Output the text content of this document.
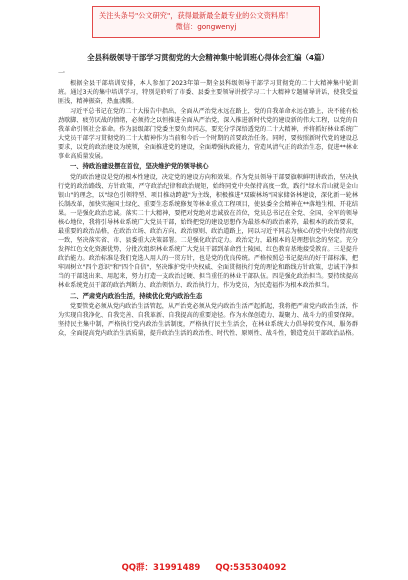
关注头条号"公文研究"，获得最新最全最专业的公文资料库！
微信：gongwenyj
全县科级领导干部学习贯彻党的大会精神集中轮训班心得体会汇编（4篇）
一

根据全县干部培训安排，本人参加了2023年第一期全县科级领导干部学习贯彻党的二十大精神集中轮训班。通过3天的集中培训学习，特别是聆听了市委、县委主要领导讲授学习二十大精神专题辅导讲话，使我受益匪浅，精神振奋，热血沸腾。

习近平总书记在党的二十大报告中指出，全面从严治党永远在路上，党的自我革命永远在路上，决不能有松劲歇脚、疲劳厌战的情绪，必须持之以恒推进全面从严治党，深入推进新时代党的建设新的伟大工程，以党的自我革命引领社会革命。作为县级部门党委主要负责同志，要充分学深悟透党的二十大精神，并将抓好林业系统广大党员干部学习贯彻党的二十大精神作为当前和今后一个时期的首要政治任务。同时，要按照新时代党的建设总要求，以党的政治建设为统领，全面推进党的建设，全面增强执政能力，营造风清气正的政治生态，促进**林业事业高质量发展。

一、持政治建设摆在首位，坚决维护党的领导核心

党的政治建设是党的根本性建设，决定党的建设方向和效果。作为党员领导干部要旗帜鲜明讲政治，坚决执行党的政治路线、方针政策，严守政治纪律和政治规矩，始终同党中央保持高度一致，践行"绿水青山就是金山银山"的理念，以"绿色引领特型、项目推动跨越"为主线，积极推进"双碳林场"国家储备林建设，深化新一轮林长制改革，加快实施国土绿化、重要生态系统修复等林业重点工程项目，使县委全会精神在**落地生根、开花结果。一是强化政治忠诚。落实二十大精神，要把对党绝对忠诚放在首位，党员总书记在全党、全国、全军的领导核心地位，我将引导林业系统广大党员干部，始终把党的建设思想作为最基本的政治素养，最根本的政治要求，最重要的政治品格，在政治立场、政治方向、政治原则、政治道路上，同以习近平同志为核心的党中央保持高度一致，坚决落实省、市、县委重大决策部署。二是强化政治定力。政治定力，最根本的是理想信念的坚定。充分发挥红色文化资源优势，分批次组织林业系统广大党员干部到革命烈士陵园、红色教育基地接受教育。三是提升政治能力。政治标准是我们党选人用人的一贯方针，也是党的优良传统。严格按照总书记提出的好干部标准，把牢固树立"四个意识"和"四个自信"，坚决维护党中央权威、全面贯彻执行党的理论和路线方针政策，忠诚干净担当的干部选出来、用起来，努力打造一支政治过硬、担当重任的林业干部队伍。四是强化政治担当。要持续提高林业系统党员干部的政治判断力、政治领悟力、政治执行力，作为党员，为民造福作为根本政治担当。

二、严肃党内政治生活，持续优化党内政治生态

党要管党必须从党内政治生活管起，从严治党必须从党内政治生活严起抓起，我将把严肃党内政治生活，作为实现自我净化、自我完善、自我革新、自我提高的重要途径。作为水保创造力、凝聚力、战斗力的重要保障。坚持民主集中制，严格执行党内政治生活制度，严格执行民主生活会，在林业系统大力倡导转变作风、服务群众，全面提高党内政治生活质量，提升政治生活的政治性、时代性、原则性、战斗性，锻造党员干部政治品格。

QQ群：31991489 QQ:535304092
